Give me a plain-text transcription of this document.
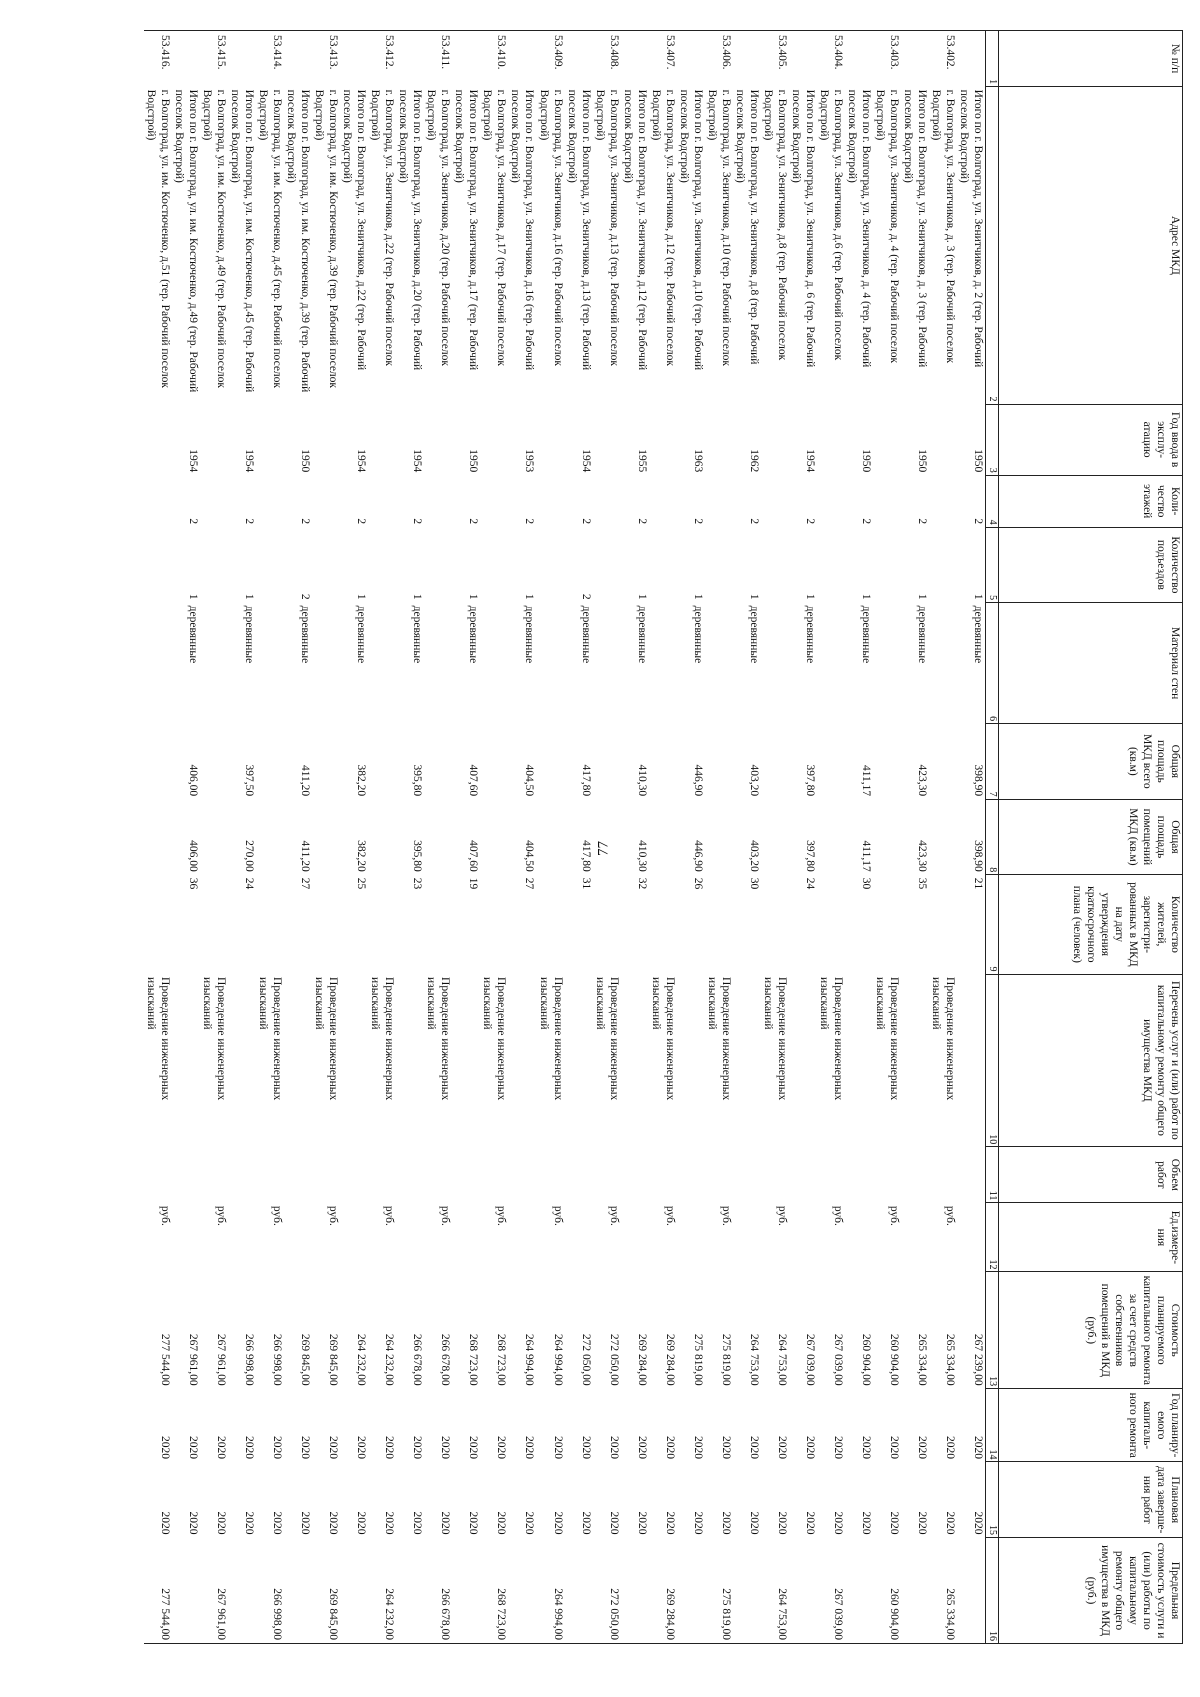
77
№ п/п	Адрес МКД	Год ввода в эксплу-атацию	Коли-чество этажей	Количество подъездов	Материал стен	Общая площадь МКД всего (кв.м)	Общая площадь помещений МКД (кв.м)	Количество жителей, зарегистри-рованных в МКД на дату утверждения краткосрочного плана (человек)	Перечень услуг и (или) работ по капитальному ремонту общего имущества МКД	Объем работ	Ед.измере-ния	Стоимость планируемого капитального ремонта за счет средств собственников помещений в МКД (руб.)	Год планиру-емого капиталь-ного ремонта	Плановая дата заверше-ния работ	Предельная стоимость услуги и (или) работы по капитальному ремонту общего имущества в МКД (руб.)
1	2	3	4	5	6	7	8	9	10	11	12	13	14	15	16
	Итого по г. Волгоград, ул. Зенитчиков, д. 2 (тер. Рабочий поселок Водстрой)	1950	2	1	деревянные	398,90	398,90	21				267 239,00	2020	2020	
53.402.	г. Волгоград, ул. Зенитчиков, д. 3 (тер. Рабочий поселок Водстрой)								Проведение инженерных изысканий		руб.	265 334,00	2020	2020	265 334,00
	Итого по г. Волгоград, ул. Зенитчиков, д. 3 (тер. Рабочий поселок Водстрой)	1950	2	1	деревянные	423,30	423,30	35				265 334,00	2020	2020	
53.403.	г. Волгоград, ул. Зенитчиков, д. 4 (тер. Рабочий поселок Водстрой)								Проведение инженерных изысканий		руб.	260 904,00	2020	2020	260 904,00
	Итого по г. Волгоград, ул. Зенитчиков, д. 4 (тер. Рабочий поселок Водстрой)	1950	2	1	деревянные	411,17	411,17	30				260 904,00	2020	2020	
53.404.	г. Волгоград, ул. Зенитчиков, д.6 (тер. Рабочий поселок Водстрой)								Проведение инженерных изысканий		руб.	267 039,00	2020	2020	267 039,00
	Итого по г. Волгоград, ул. Зенитчиков, д. 6 (тер. Рабочий поселок Водстрой)	1954	2	1	деревянные	397,80	397,80	24				267 039,00	2020	2020	
53.405.	г. Волгоград, ул. Зенитчиков, д.8 (тер. Рабочий поселок Водстрой)								Проведение инженерных изысканий		руб.	264 753,00	2020	2020	264 753,00
	Итого по г. Волгоград, ул. Зенитчиков, д.8 (тер. Рабочий поселок Водстрой)	1962	2	1	деревянные	403,20	403,20	30				264 753,00	2020	2020	
53.406.	г. Волгоград, ул. Зенитчиков, д.10 (тер. Рабочий поселок Водстрой)								Проведение инженерных изысканий		руб.	275 819,00	2020	2020	275 819,00
	Итого по г. Волгоград, ул. Зенитчиков, д.10 (тер. Рабочий поселок Водстрой)	1963	2	1	деревянные	446,90	446,90	26				275 819,00	2020	2020	
53.407.	г. Волгоград, ул. Зенитчиков, д.12 (тер. Рабочий поселок Водстрой)								Проведение инженерных изысканий		руб.	269 284,00	2020	2020	269 284,00
	Итого по г. Волгоград, ул. Зенитчиков, д.12 (тер. Рабочий поселок Водстрой)	1955	2	1	деревянные	410,30	410,30	32				269 284,00	2020	2020	
53.408.	г. Волгоград, ул. Зенитчиков, д.13 (тер. Рабочий поселок Водстрой)								Проведение инженерных изысканий		руб.	272 050,00	2020	2020	272 050,00
	Итого по г. Волгоград, ул. Зенитчиков, д.13 (тер. Рабочий поселок Водстрой)	1954	2	2	деревянные	417,80	417,80	31				272 050,00	2020	2020	
53.409.	г. Волгоград, ул. Зенитчиков, д.16 (тер. Рабочий поселок Водстрой)								Проведение инженерных изысканий		руб.	264 994,00	2020	2020	264 994,00
	Итого по г. Волгоград, ул. Зенитчиков, д.16 (тер. Рабочий поселок Водстрой)	1953	2	1	деревянные	404,50	404,50	27				264 994,00	2020	2020	
53.410.	г. Волгоград, ул. Зенитчиков, д.17 (тер. Рабочий поселок Водстрой)								Проведение инженерных изысканий		руб.	268 723,00	2020	2020	268 723,00
	Итого по г. Волгоград, ул. Зенитчиков, д.17 (тер. Рабочий поселок Водстрой)	1950	2	1	деревянные	407,60	407,60	19				268 723,00	2020	2020	
53.411.	г. Волгоград, ул. Зенитчиков, д.20 (тер. Рабочий поселок Водстрой)								Проведение инженерных изысканий		руб.	266 678,00	2020	2020	266 678,00
	Итого по г. Волгоград, ул. Зенитчиков, д.20 (тер. Рабочий поселок Водстрой)	1954	2	1	деревянные	395,80	395,80	23				266 678,00	2020	2020	
53.412.	г. Волгоград, ул. Зенитчиков, д.22 (тер. Рабочий поселок Водстрой)								Проведение инженерных изысканий		руб.	264 232,00	2020	2020	264 232,00
	Итого по г. Волгоград, ул. Зенитчиков, д.22 (тер. Рабочий поселок Водстрой)	1954	2	1	деревянные	382,20	382,20	25				264 232,00	2020	2020	
53.413.	г. Волгоград, ул. им. Костюченко, д.39 (тер. Рабочий поселок Водстрой)								Проведение инженерных изысканий		руб.	269 845,00	2020	2020	269 845,00
	Итого по г. Волгоград, ул. им. Костюченко, д.39 (тер. Рабочий поселок Водстрой)	1950	2	2	деревянные	411,20	411,20	27				269 845,00	2020	2020	
53.414.	г. Волгоград, ул. им. Костюченко, д.45 (тер. Рабочий поселок Водстрой)								Проведение инженерных изысканий		руб.	266 998,00	2020	2020	266 998,00
	Итого по г. Волгоград, ул. им. Костюченко, д.45 (тер. Рабочий поселок Водстрой)	1954	2	1	деревянные	397,50	270,00	24				266 998,00	2020	2020	
53.415.	г. Волгоград, ул. им. Костюченко, д.49 (тер. Рабочий поселок Водстрой)								Проведение инженерных изысканий		руб.	267 961,00	2020	2020	267 961,00
	Итого по г. Волгоград, ул. им. Костюченко, д.49 (тер. Рабочий поселок Водстрой)	1954	2	1	деревянные	406,00	406,00	36				267 961,00	2020	2020	
53.416.	г. Волгоград, ул. им. Костюченко, д.51 (тер. Рабочий поселок Водстрой)								Проведение инженерных изысканий		руб.	277 544,00	2020	2020	277 544,00
